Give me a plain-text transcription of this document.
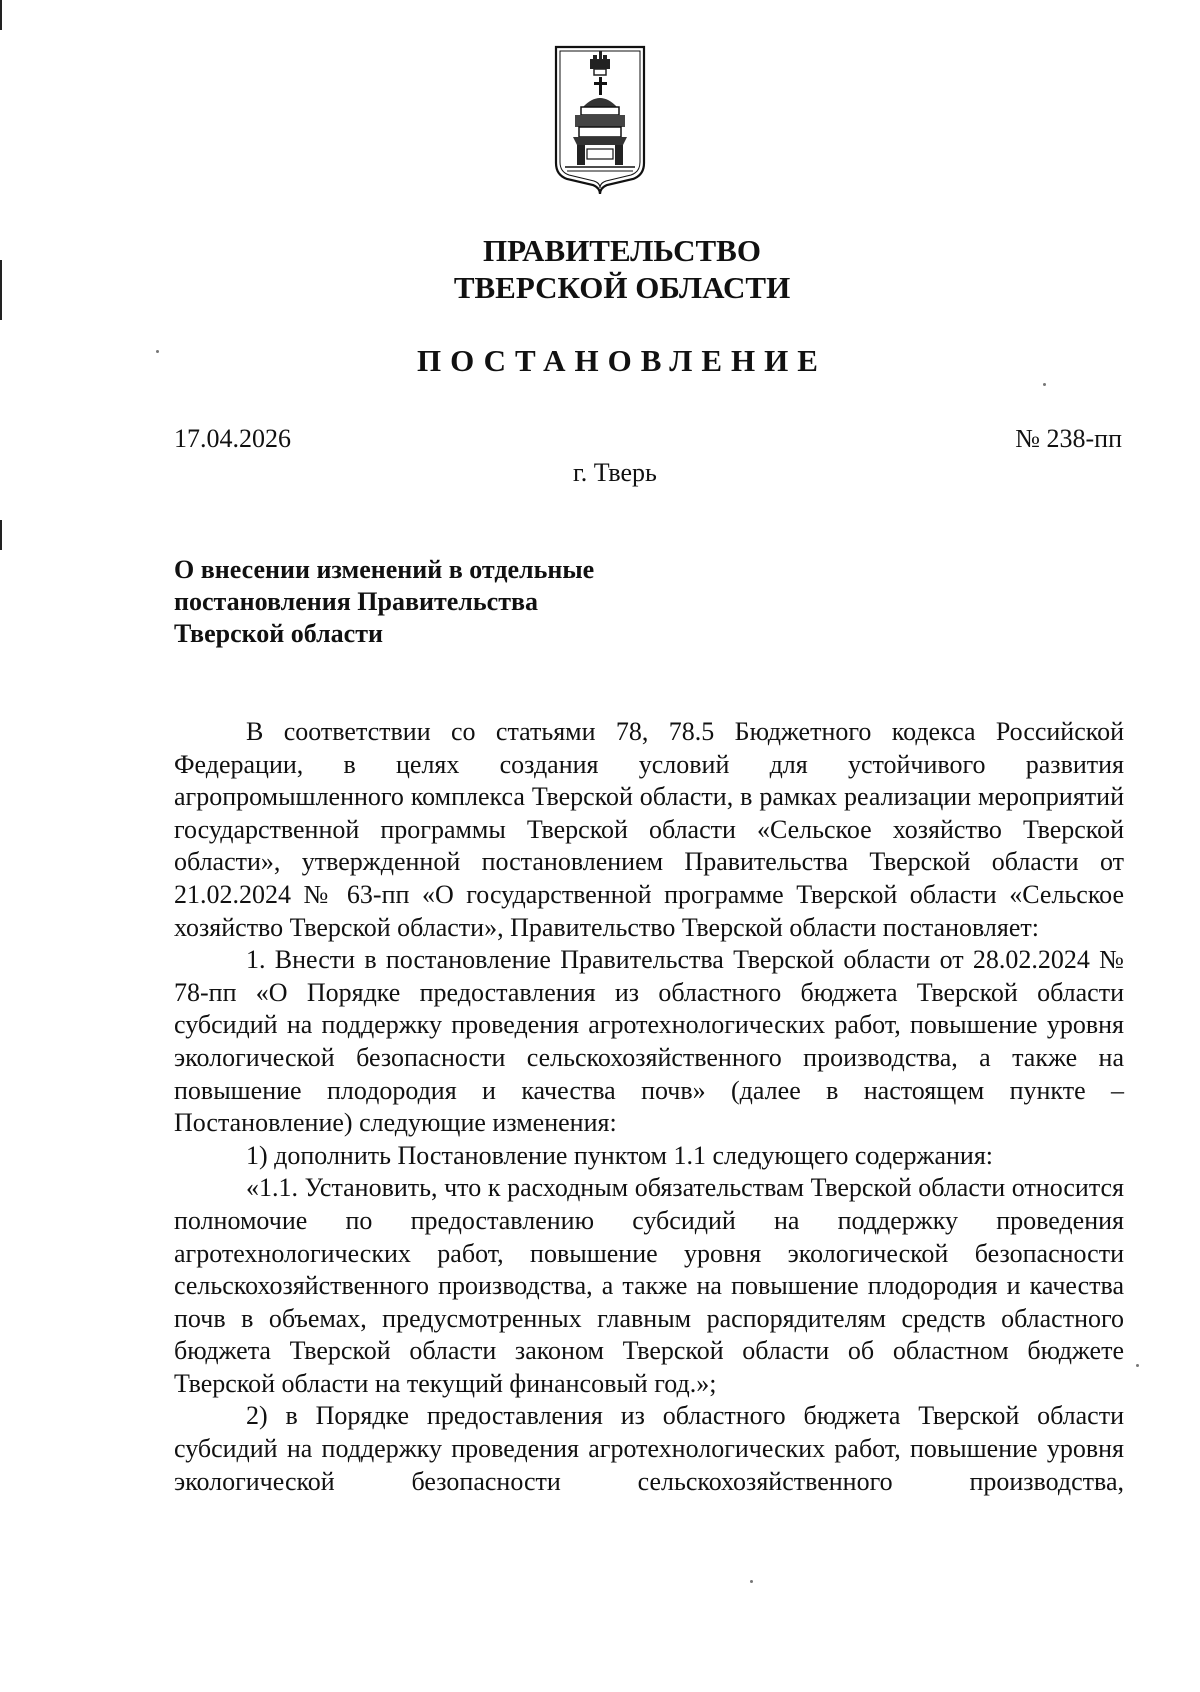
ПРАВИТЕЛЬСТВО
ТВЕРСКОЙ ОБЛАСТИ
ПОСТАНОВЛЕНИЕ
17.04.2026	№ 238-пп
г. Тверь
О внесении изменений в отдельные
постановления Правительства
Тверской области

В соответствии со статьями 78, 78.5 Бюджетного кодекса Российской Федерации, в целях создания условий для устойчивого развития агропромышленного комплекса Тверской области, в рамках реализации мероприятий государственной программы Тверской области «Сельское хозяйство Тверской области», утвержденной постановлением Правительства Тверской области от 21.02.2024 № 63-пп «О государственной программе Тверской области «Сельское хозяйство Тверской области», Правительство Тверской области постановляет:

1. Внести в постановление Правительства Тверской области от 28.02.2024 № 78-пп «О Порядке предоставления из областного бюджета Тверской области субсидий на поддержку проведения агротехнологических работ, повышение уровня экологической безопасности сельскохозяйственного производства, а также на повышение плодородия и качества почв» (далее в настоящем пункте – Постановление) следующие изменения:

1) дополнить Постановление пунктом 1.1 следующего содержания:

«1.1. Установить, что к расходным обязательствам Тверской области относится полномочие по предоставлению субсидий на поддержку проведения агротехнологических работ, повышение уровня экологической безопасности сельскохозяйственного производства, а также на повышение плодородия и качества почв в объемах, предусмотренных главным распорядителям средств областного бюджета Тверской области законом Тверской области об областном бюджете Тверской области на текущий финансовый год.»;

2) в Порядке предоставления из областного бюджета Тверской области субсидий на поддержку проведения агротехнологических работ, повышение уровня экологической безопасности сельскохозяйственного производства,
